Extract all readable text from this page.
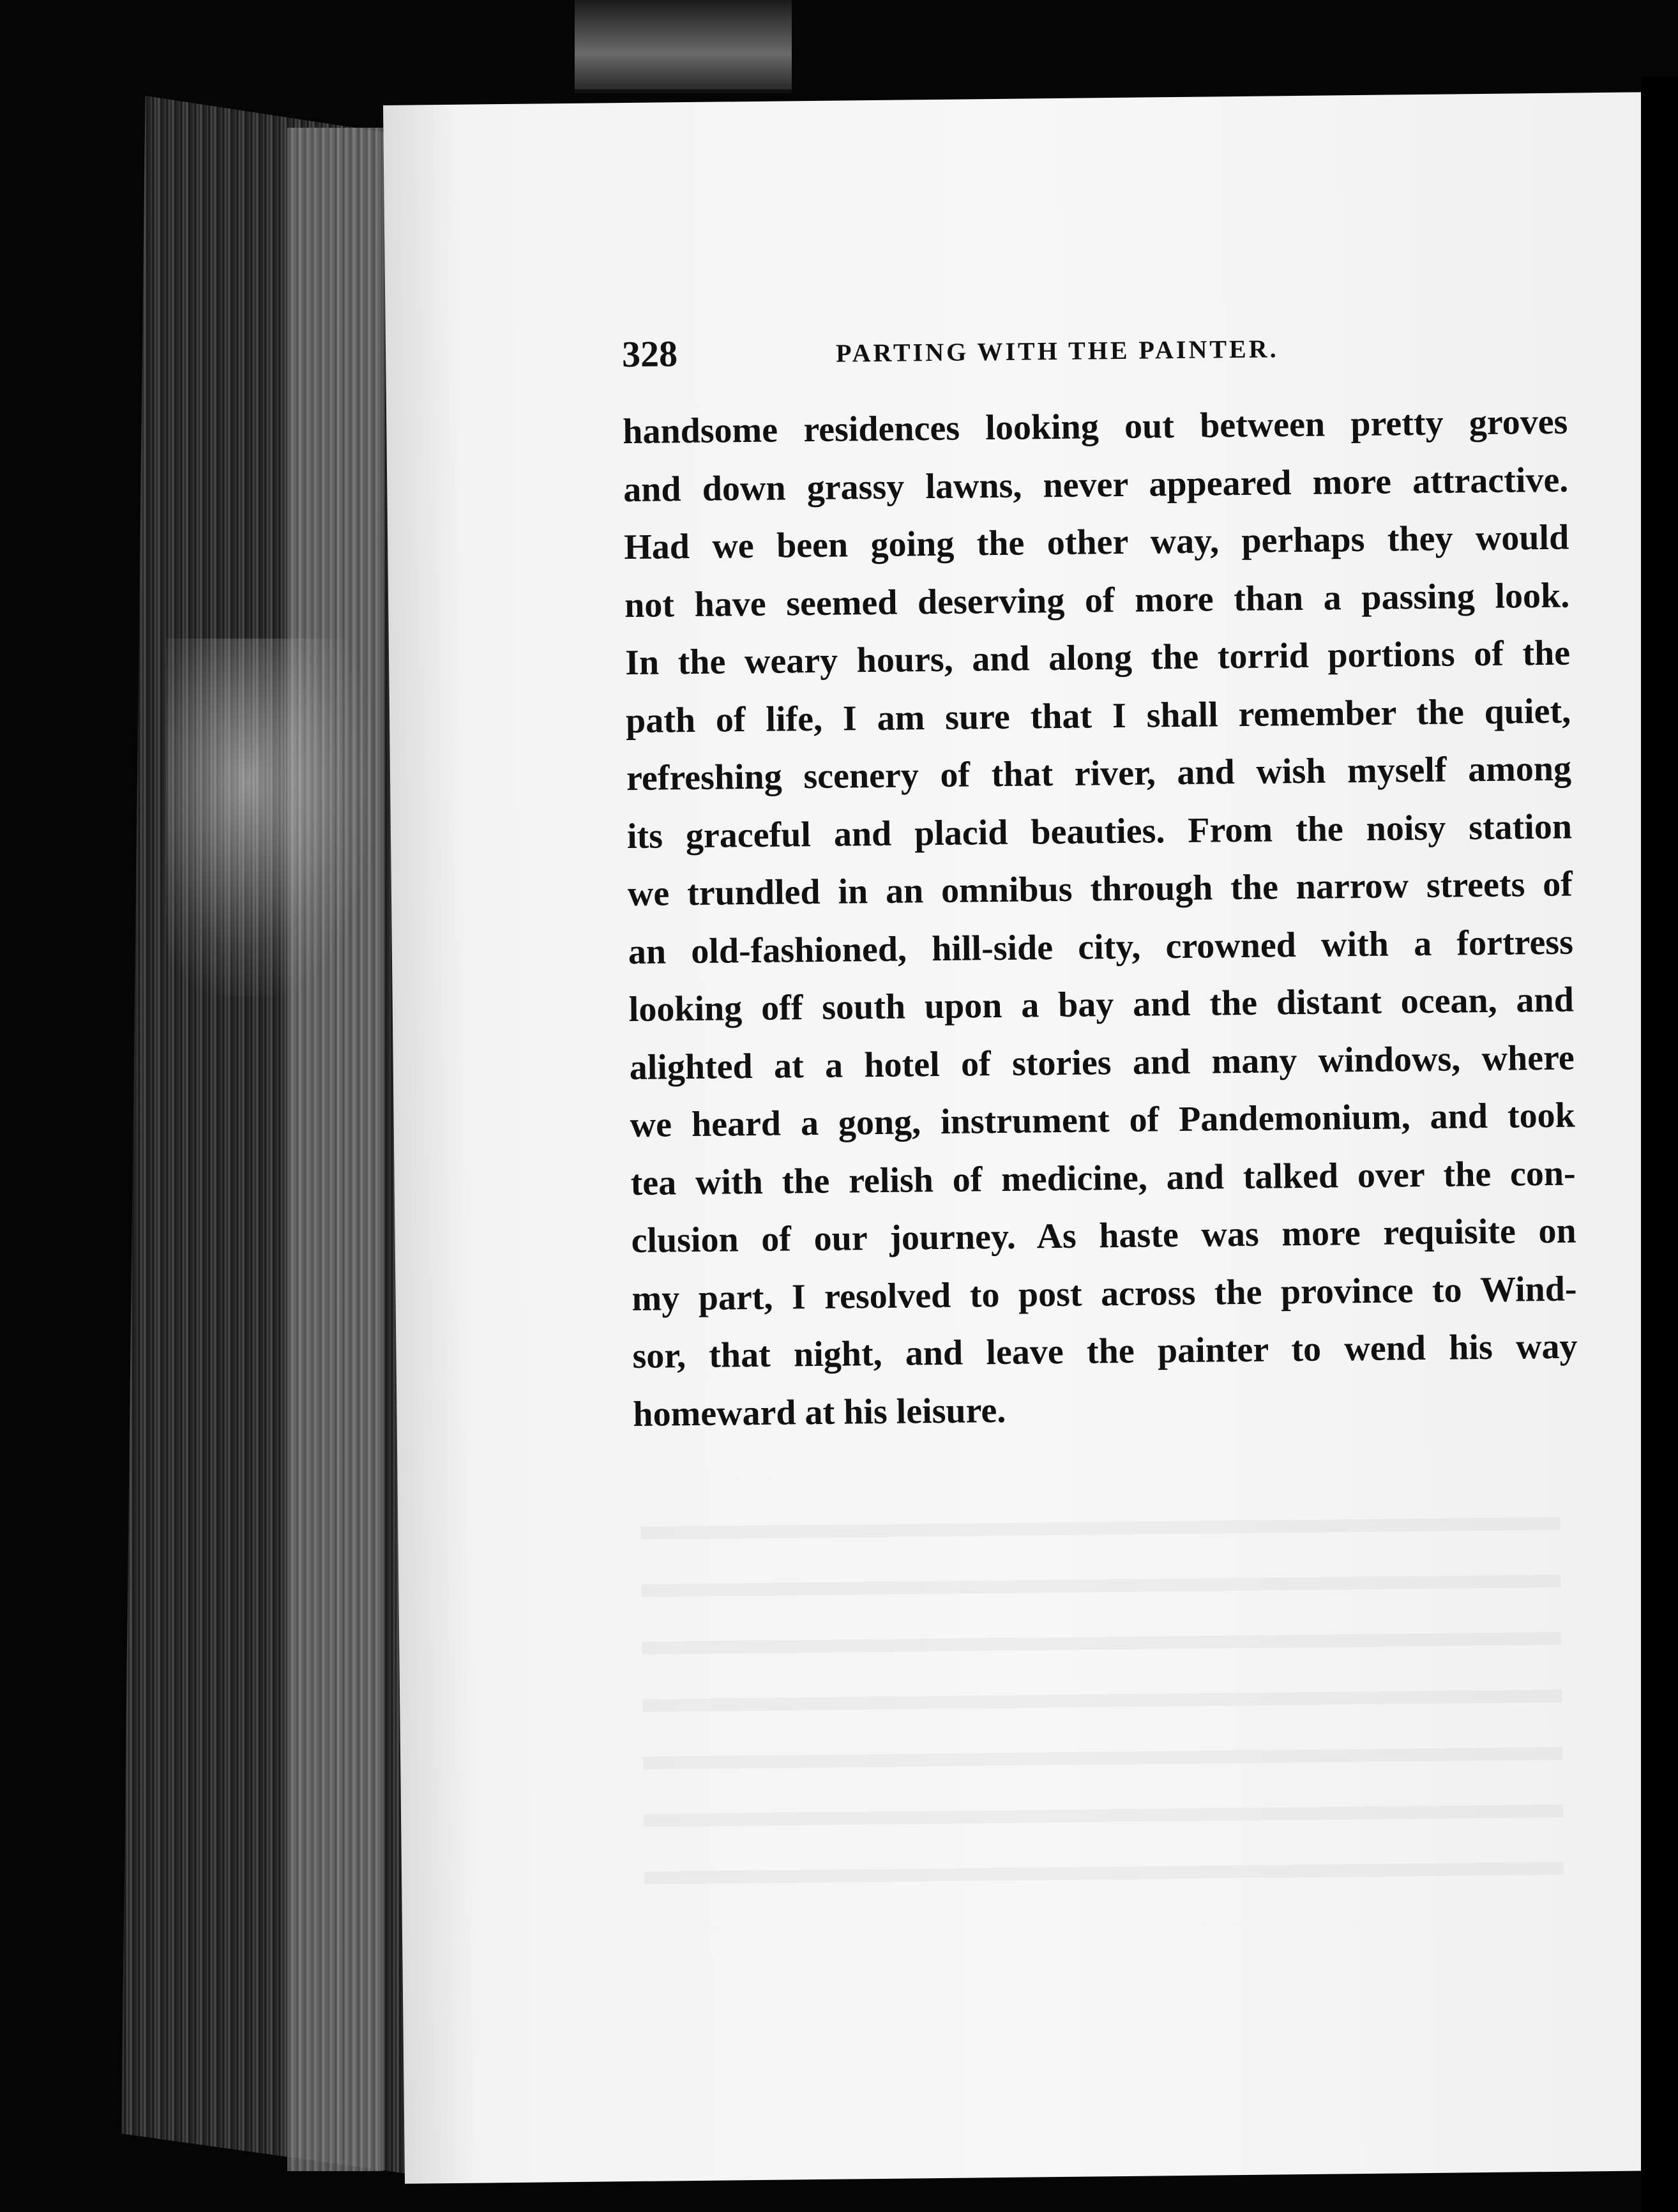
328	PARTING WITH THE PAINTER.
handsome residences looking out between pretty groves
and down grassy lawns, never appeared more attractive.
Had we been going the other way, perhaps they would
not have seemed deserving of more than a passing look.
In the weary hours, and along the torrid portions of the
path of life, I am sure that I shall remember the quiet,
refreshing scenery of that river, and wish myself among
its graceful and placid beauties. From the noisy station
we trundled in an omnibus through the narrow streets of
an old-fashioned, hill-side city, crowned with a fortress
looking off south upon a bay and the distant ocean, and
alighted at a hotel of stories and many windows, where
we heard a gong, instrument of Pandemonium, and took
tea with the relish of medicine, and talked over the con-
clusion of our journey. As haste was more requisite on
my part, I resolved to post across the province to Wind-
sor, that night, and leave the painter to wend his way
homeward at his leisure.
